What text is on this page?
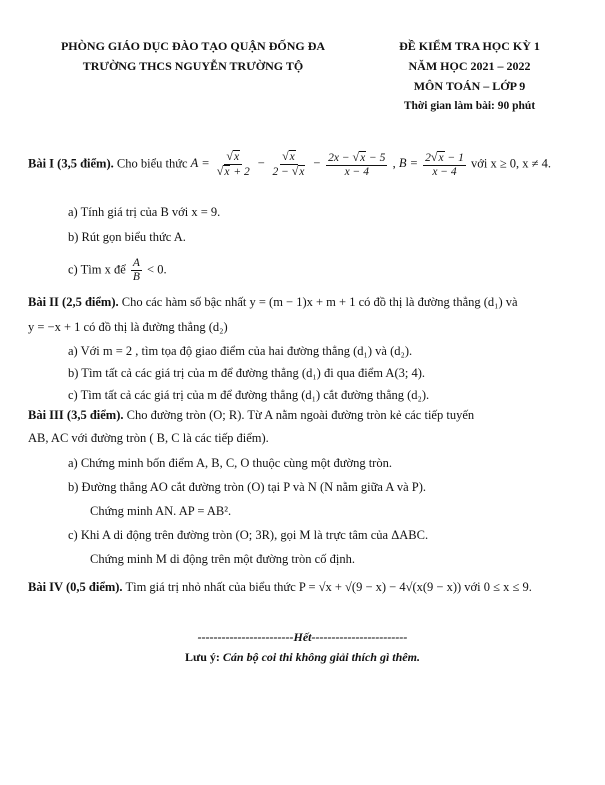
PHÒNG GIÁO DỤC ĐÀO TẠO QUẬN ĐỐNG ĐA
TRƯỜNG THCS NGUYỄN TRƯỜNG TỘ
ĐỀ KIỂM TRA HỌC KỲ 1
NĂM HỌC 2021 – 2022
MÔN TOÁN – LỚP 9
Thời gian làm bài: 90 phút
Bài I (3,5 điểm). Cho biểu thức $A = \frac{√x}{√x + 2} - \frac{√x}{2 - √x} - \frac{2x - √x - 5}{x - 4}$ , $B = \frac{2√x - 1}{x - 4}$ với x ≥ 0, x ≠ 4.
a) Tính giá trị của B với x = 9.
b) Rút gọn biểu thức A.
c) Tìm x để $\frac{A}{B} < 0$.
Bài II (2,5 điểm). Cho các hàm số bậc nhất y = (m − 1)x + m + 1 có đồ thị là đường thẳng (d₁) và
y = −x + 1 có đồ thị là đường thẳng (d₂)
a) Với m = 2 , tìm tọa độ giao điểm của hai đường thẳng (d₁) và (d₂).
b) Tìm tất cả các giá trị của m để đường thẳng (d₁) đi qua điểm A(3; 4).
c) Tìm tất cả các giá trị của m để đường thẳng (d₁) cắt đường thẳng (d₂).
Bài III (3,5 điểm). Cho đường tròn (O; R). Từ A nằm ngoài đường tròn kẻ các tiếp tuyến
AB, AC với đường tròn ( B, C là các tiếp điểm).
a) Chứng minh bốn điểm A, B, C, O thuộc cùng một đường tròn.
b) Đường thẳng AO cắt đường tròn (O) tại P và N (N nằm giữa A và P).
Chứng minh AN. AP = AB².
c) Khi A di động trên đường tròn (O; 3R), gọi M là trực tâm của ΔABC.
Chứng minh M di động trên một đường tròn cố định.
Bài IV (0,5 điểm). Tìm giá trị nhỏ nhất của biểu thức P = √x + √(9 − x) − 4√(x(9 − x)) với 0 ≤ x ≤ 9.
------------------------Hết------------------------
Lưu ý: Cán bộ coi thi không giải thích gì thêm.
